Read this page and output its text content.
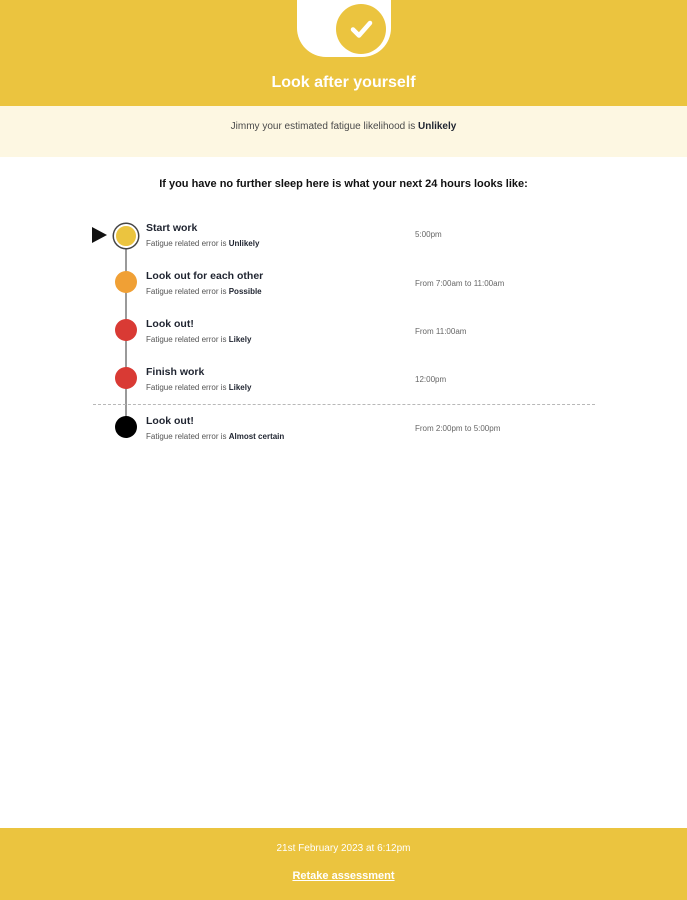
Look after yourself
Jimmy your estimated fatigue likelihood is Unlikely
If you have no further sleep here is what your next 24 hours looks like:
Start work
Fatigue related error is Unlikely
5:00pm
Look out for each other
Fatigue related error is Possible
From 7:00am to 11:00am
Look out!
Fatigue related error is Likely
From 11:00am
Finish work
Fatigue related error is Likely
12:00pm
Look out!
Fatigue related error is Almost certain
From 2:00pm to 5:00pm
21st February 2023 at 6:12pm
Retake assessment
